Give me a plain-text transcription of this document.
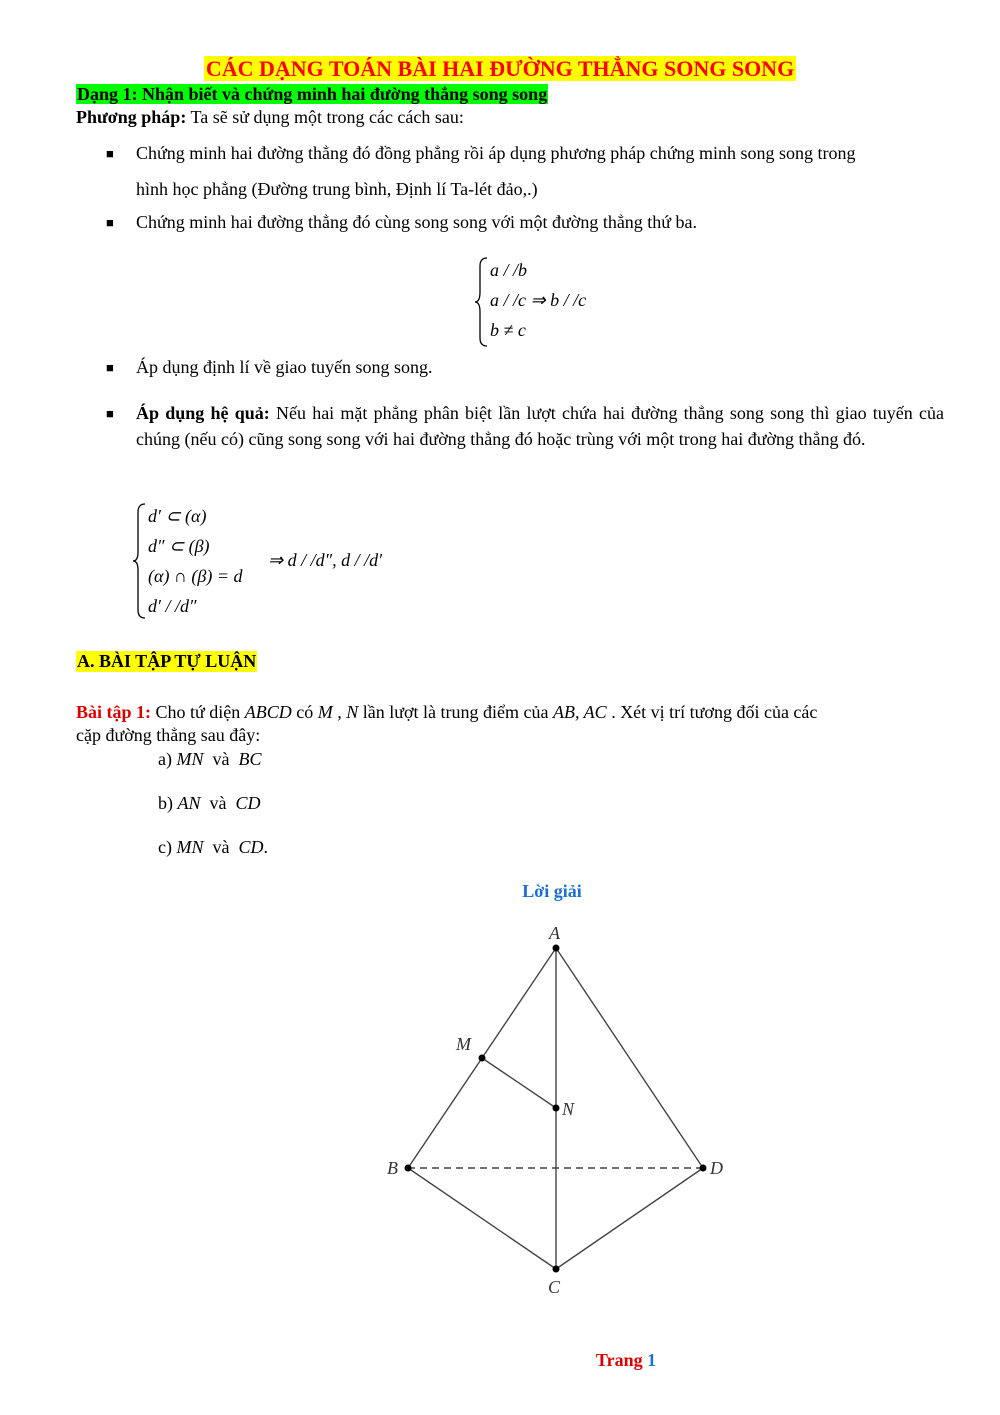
CÁC DẠNG TOÁN BÀI HAI ĐƯỜNG THẲNG SONG SONG
Dạng 1: Nhận biết và chứng minh hai đường thẳng song song
Phương pháp: Ta sẽ sử dụng một trong các cách sau:
■ Chứng minh hai đường thẳng đó đồng phẳng rồi áp dụng phương pháp chứng minh song song trong
hình học phẳng (Đường trung bình, Định lí Ta-lét đảo,.)
■ Chứng minh hai đường thẳng đó cùng song song với một đường thẳng thứ ba.
a / /b
a / /c ⇒ b / /c
b ≠ c
■ Áp dụng định lí về giao tuyến song song.
■ Áp dụng hệ quả: Nếu hai mặt phẳng phân biệt lần lượt chứa hai đường thẳng song song thì giao tuyến của chúng (nếu có) cũng song song với hai đường thẳng đó hoặc trùng với một trong hai đường thẳng đó.
d′ ⊂ (α)
d″ ⊂ (β)
(α) ∩ (β) = d
d′ / /d″
⇒ d / /d″, d / /d′
A. BÀI TẬP TỰ LUẬN
Bài tập 1: Cho tứ diện ABCD có M , N lần lượt là trung điểm của AB, AC . Xét vị trí tương đối của các
cặp đường thẳng sau đây:
a) MN và BC
b) AN và CD
c) MN và CD.
Lời giải
A
M
N
B	D
C
Trang 1
